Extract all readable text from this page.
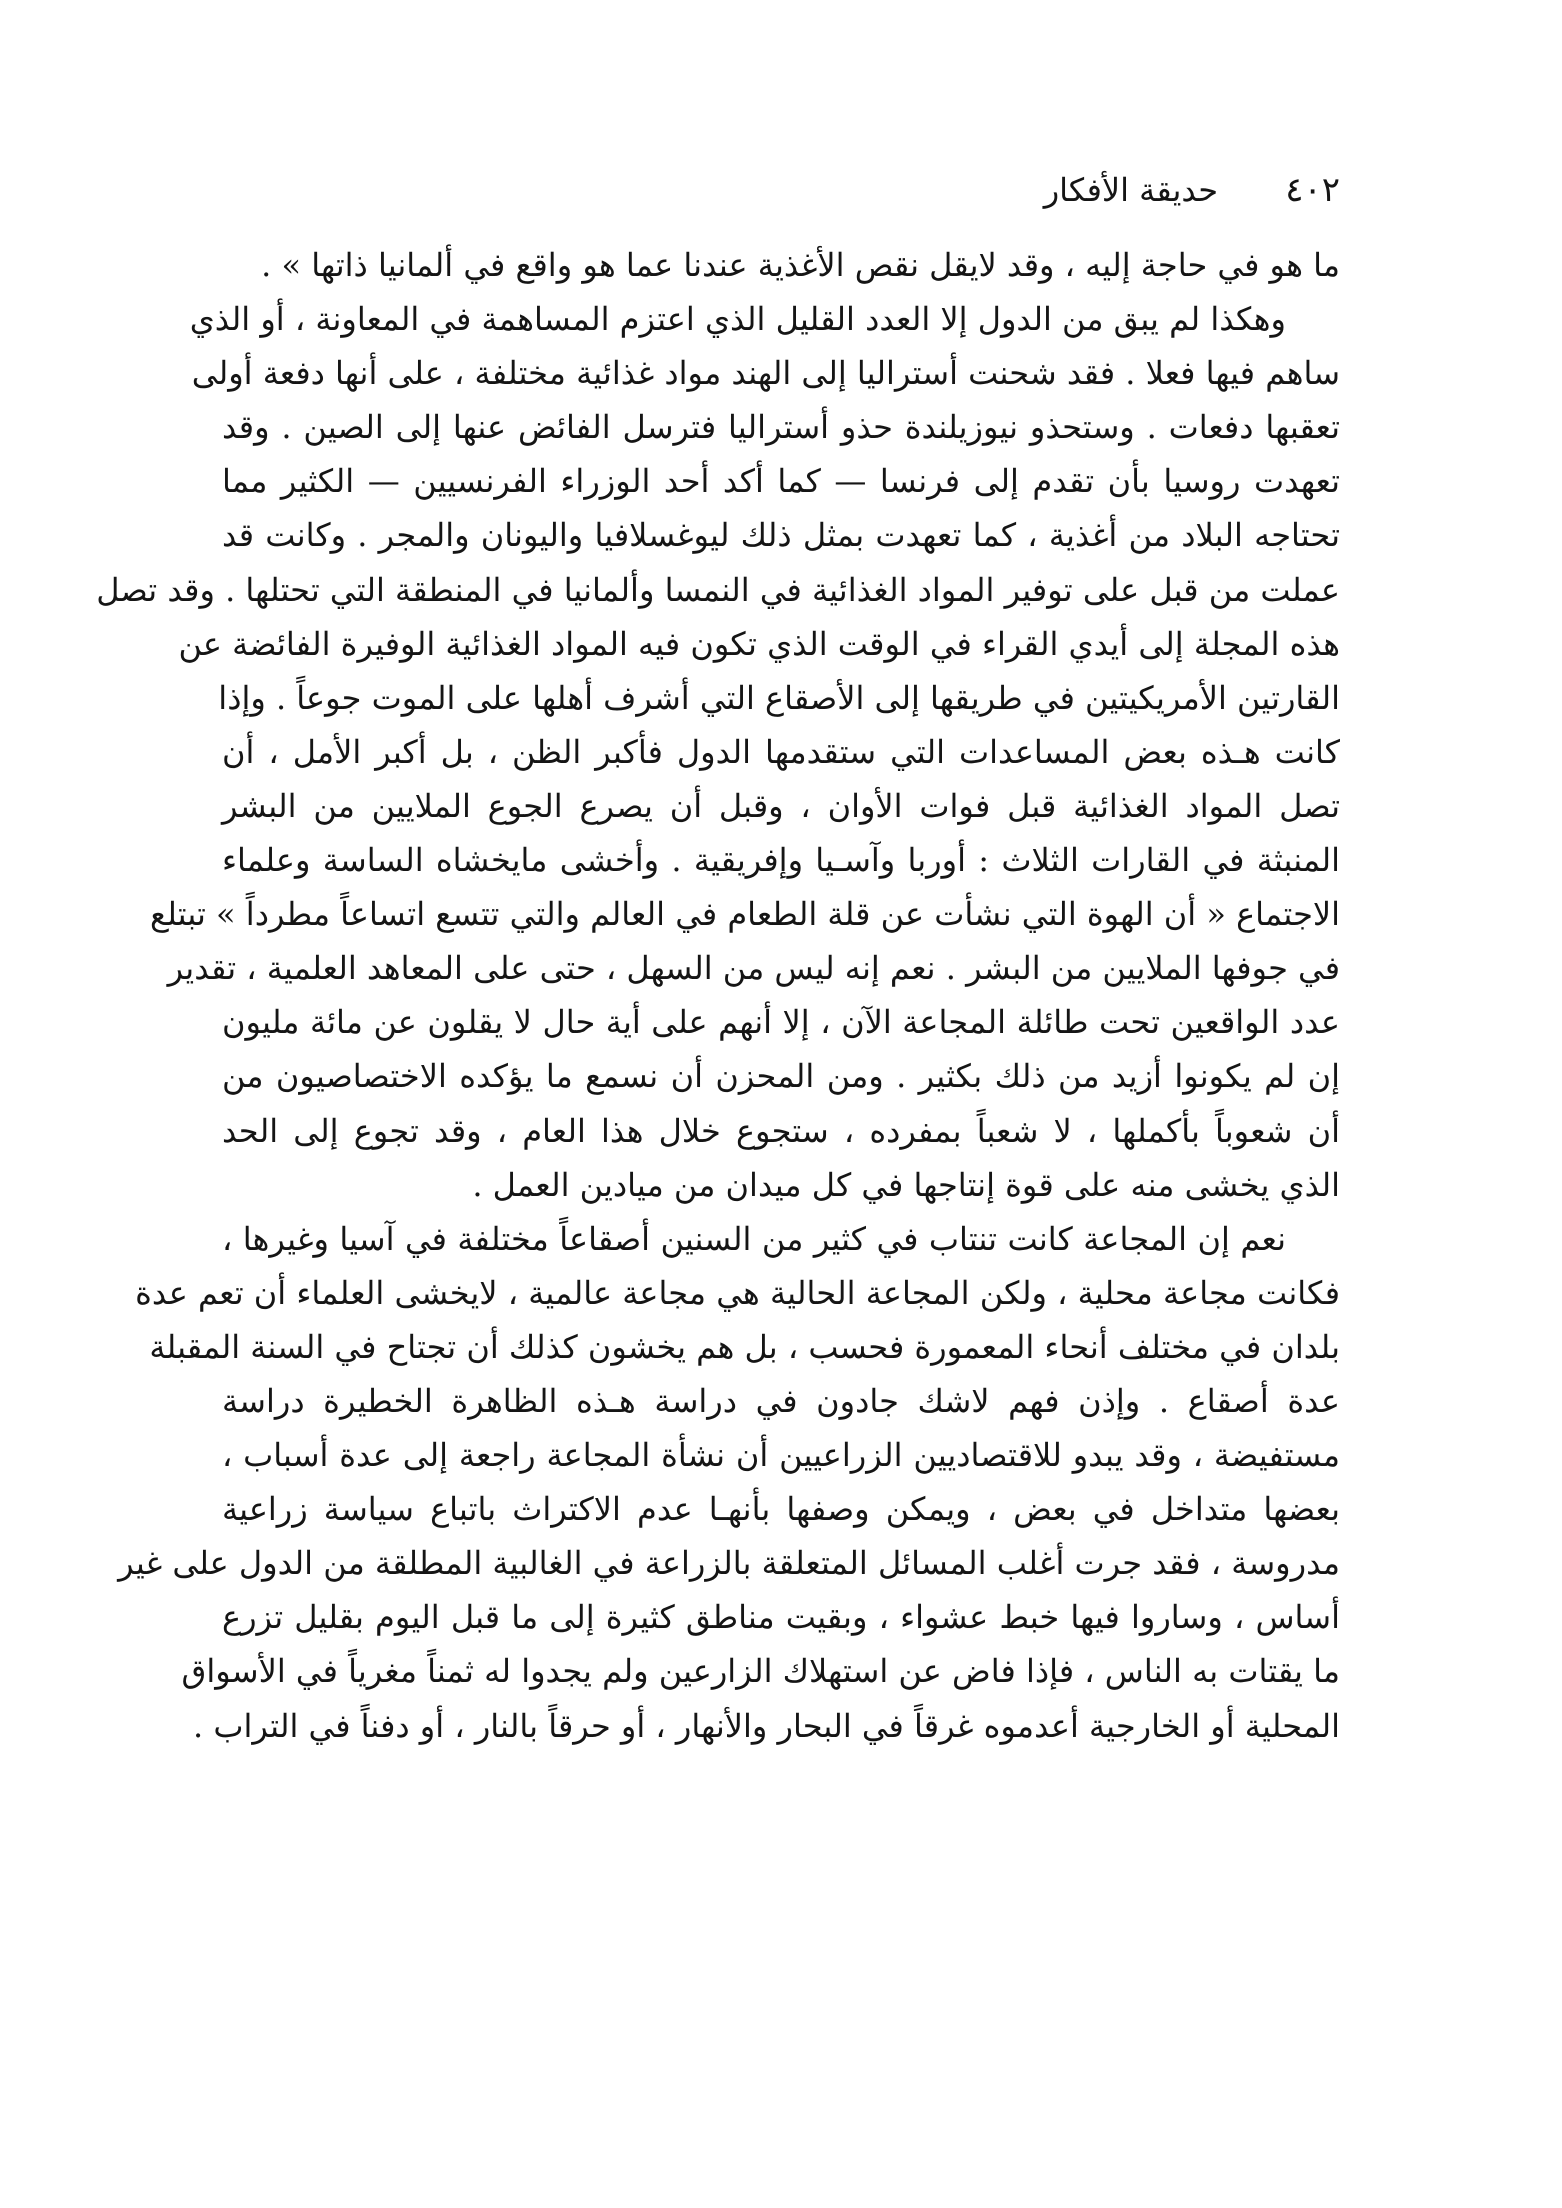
٤٠٢
حديقة الأفكار
ما هو في حاجة إليه ، وقد لايقل نقص الأغذية عندنا عما هو واقع في ألمانيا ذاتها » .
وهكذا لم يبق من الدول إلا العدد القليل الذي اعتزم المساهمة في المعاونة ، أو الذي
ساهم فيها فعلا . فقد شحنت أستراليا إلى الهند مواد غذائية مختلفة ، على أنها دفعة أولى
تعقبها دفعات . وستحذو نيوزيلندة حذو أستراليا فترسل الفائض عنها إلى الصين . وقد
تعهدت روسيا بأن تقدم إلى فرنسا — كما أكد أحد الوزراء الفرنسيين — الكثير مما
تحتاجه البلاد من أغذية ، كما تعهدت بمثل ذلك ليوغسلافيا واليونان والمجر . وكانت قد
عملت من قبل على توفير المواد الغذائية في النمسا وألمانيا في المنطقة التي تحتلها . وقد تصل
هذه المجلة إلى أيدي القراء في الوقت الذي تكون فيه المواد الغذائية الوفيرة الفائضة عن
القارتين الأمريكيتين في طريقها إلى الأصقاع التي أشرف أهلها على الموت جوعاً . وإذا
كانت هـذه بعض المساعدات التي ستقدمها الدول فأكبر الظن ، بل أكبر الأمل ، أن
تصل المواد الغذائية قبل فوات الأوان ، وقبل أن يصرع الجوع الملايين من البشر
المنبثة في القارات الثلاث : أوربا وآسـيا وإفريقية . وأخشى مايخشاه الساسة وعلماء
الاجتماع « أن الهوة التي نشأت عن قلة الطعام في العالم والتي تتسع اتساعاً مطرداً » تبتلع
في جوفها الملايين من البشر . نعم إنه ليس من السهل ، حتى على المعاهد العلمية ، تقدير
عدد الواقعين تحت طائلة المجاعة الآن ، إلا أنهم على أية حال لا يقلون عن مائة مليون
إن لم يكونوا أزيد من ذلك بكثير . ومن المحزن أن نسمع ما يؤكده الاختصاصيون من
أن شعوباً بأكملها ، لا شعباً بمفرده ، ستجوع خلال هذا العام ، وقد تجوع إلى الحد
الذي يخشى منه على قوة إنتاجها في كل ميدان من ميادين العمل .
نعم إن المجاعة كانت تنتاب في كثير من السنين أصقاعاً مختلفة في آسيا وغيرها ،
فكانت مجاعة محلية ، ولكن المجاعة الحالية هي مجاعة عالمية ، لايخشى العلماء أن تعم عدة
بلدان في مختلف أنحاء المعمورة فحسب ، بل هم يخشون كذلك أن تجتاح في السنة المقبلة
عدة أصقاع . وإذن فهم لاشك جادون في دراسة هـذه الظاهرة الخطيرة دراسة
مستفيضة ، وقد يبدو للاقتصاديين الزراعيين أن نشأة المجاعة راجعة إلى عدة أسباب ،
بعضها متداخل في بعض ، ويمكن وصفها بأنهـا عدم الاكتراث باتباع سياسة زراعية
مدروسة ، فقد جرت أغلب المسائل المتعلقة بالزراعة في الغالبية المطلقة من الدول على غير
أساس ، وساروا فيها خبط عشواء ، وبقيت مناطق كثيرة إلى ما قبل اليوم بقليل تزرع
ما يقتات به الناس ، فإذا فاض عن استهلاك الزارعين ولم يجدوا له ثمناً مغرياً في الأسواق
المحلية أو الخارجية أعدموه غرقاً في البحار والأنهار ، أو حرقاً بالنار ، أو دفناً في التراب .
